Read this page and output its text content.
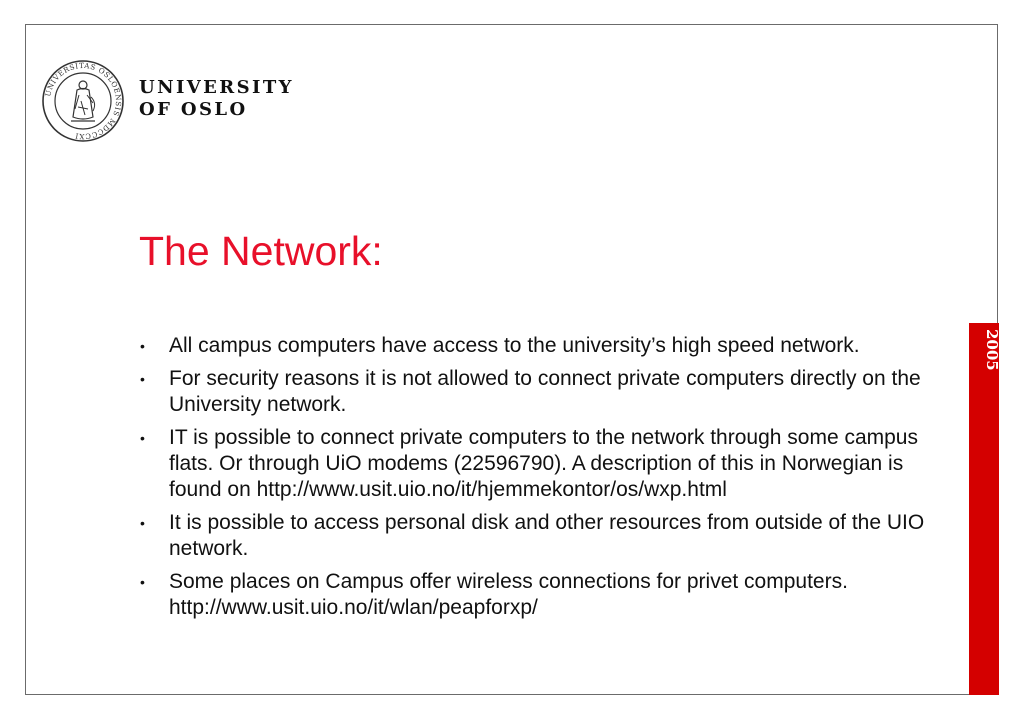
UNIVERSITAS OSLOENSIS MDCCCXI
UNIVERSITY
OF OSLO
The Network:
• All campus computers have access to the university’s high speed network.
• For security reasons it is not allowed to connect private computers directly on the University network.
• IT is possible to connect private computers to the network through some campus flats. Or through UiO modems (22596790). A description of this in Norwegian is found on http://www.usit.uio.no/it/hjemmekontor/os/wxp.html
• It is possible to access personal disk and other resources from outside of the UIO network.
• Some places on Campus offer wireless connections for privet computers. http://www.usit.uio.no/it/wlan/peapforxp/
2005
